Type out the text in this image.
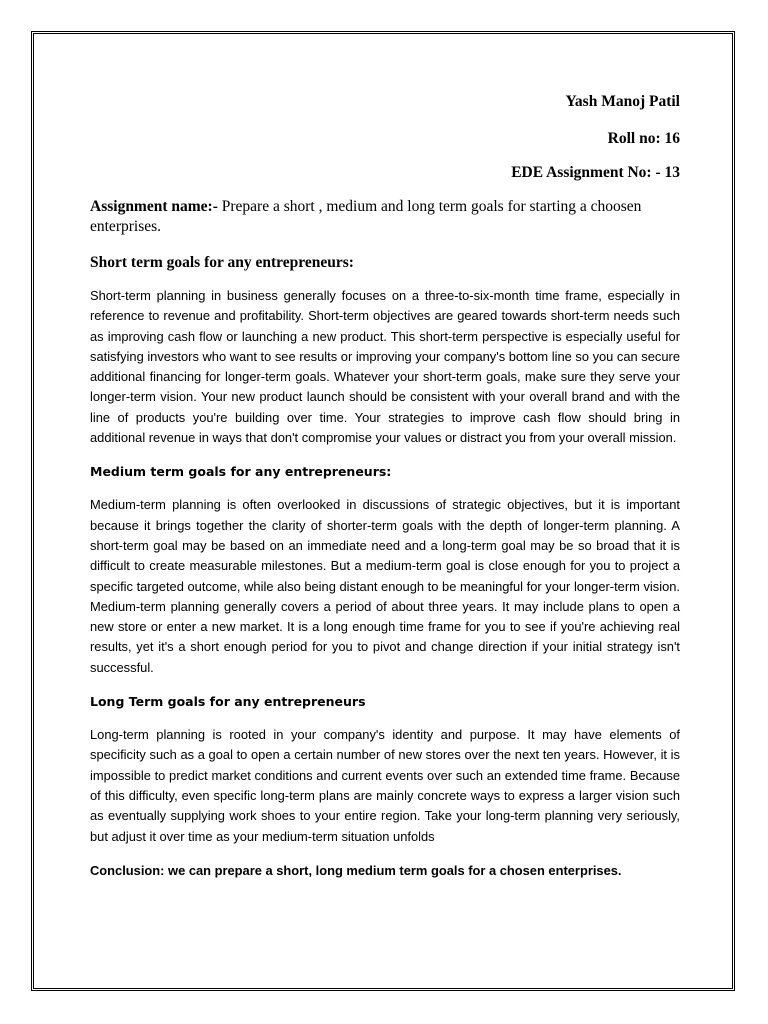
Yash Manoj Patil

Roll no: 16

EDE Assignment No: - 13

Assignment name:- Prepare a short , medium and long term goals for starting a choosen enterprises.

Short term goals for any entrepreneurs:

Short-term planning in business generally focuses on a three-to-six-month time frame, especially in reference to revenue and profitability. Short-term objectives are geared towards short-term needs such as improving cash flow or launching a new product. This short-term perspective is especially useful for satisfying investors who want to see results or improving your company's bottom line so you can secure additional financing for longer-term goals. Whatever your short-term goals, make sure they serve your longer-term vision. Your new product launch should be consistent with your overall brand and with the line of products you're building over time. Your strategies to improve cash flow should bring in additional revenue in ways that don't compromise your values or distract you from your overall mission.

Medium term goals for any entrepreneurs:

Medium-term planning is often overlooked in discussions of strategic objectives, but it is important because it brings together the clarity of shorter-term goals with the depth of longer-term planning. A short-term goal may be based on an immediate need and a long-term goal may be so broad that it is difficult to create measurable milestones. But a medium-term goal is close enough for you to project a specific targeted outcome, while also being distant enough to be meaningful for your longer-term vision. Medium-term planning generally covers a period of about three years. It may include plans to open a new store or enter a new market. It is a long enough time frame for you to see if you're achieving real results, yet it's a short enough period for you to pivot and change direction if your initial strategy isn't successful.

Long Term goals for any entrepreneurs

Long-term planning is rooted in your company's identity and purpose. It may have elements of specificity such as a goal to open a certain number of new stores over the next ten years. However, it is impossible to predict market conditions and current events over such an extended time frame. Because of this difficulty, even specific long-term plans are mainly concrete ways to express a larger vision such as eventually supplying work shoes to your entire region. Take your long-term planning very seriously, but adjust it over time as your medium-term situation unfolds

Conclusion: we can prepare a short, long medium term goals for a chosen enterprises.
